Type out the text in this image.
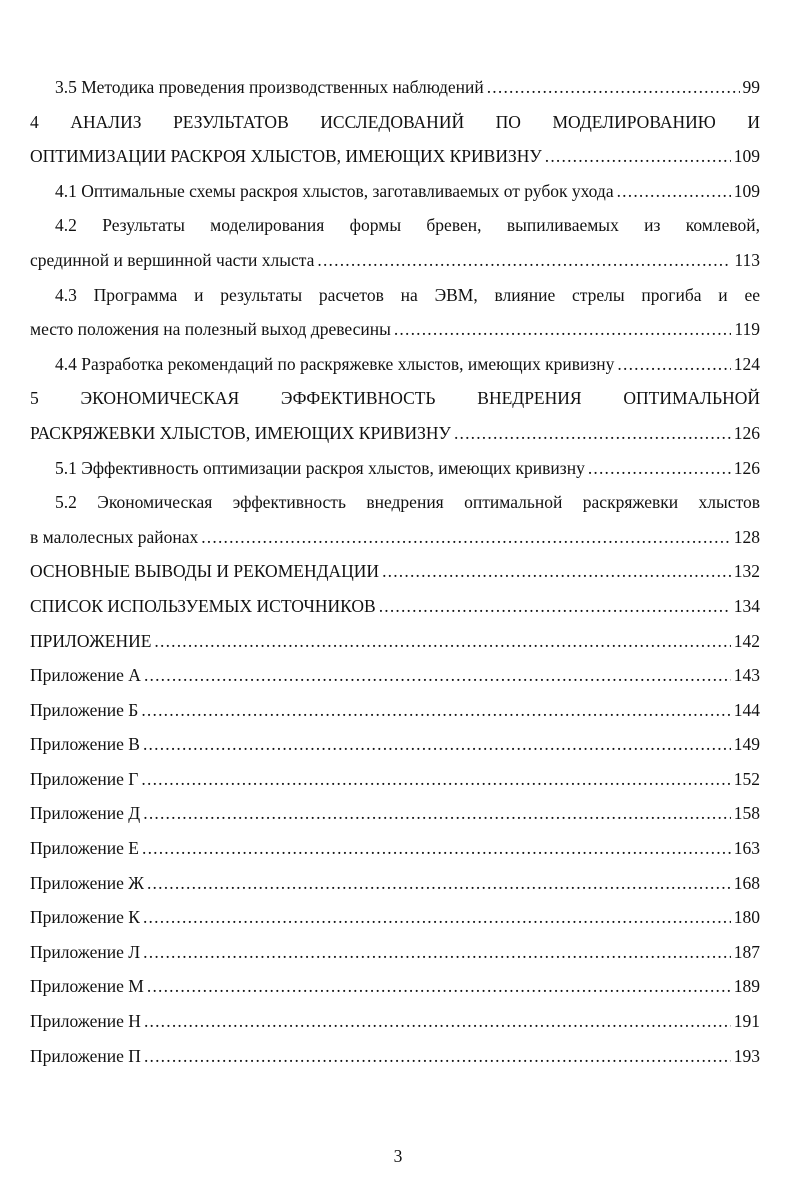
3.5 Методика проведения производственных наблюдений .....	99
4 АНАЛИЗ РЕЗУЛЬТАТОВ ИССЛЕДОВАНИЙ ПО МОДЕЛИРОВАНИЮ И
ОПТИМИЗАЦИИ РАСКРОЯ ХЛЫСТОВ, ИМЕЮЩИХ КРИВИЗНУ .....	109
4.1 Оптимальные схемы раскроя хлыстов, заготавливаемых от рубок ухода .....	109
4.2 Результаты моделирования формы бревен, выпиливаемых из комлевой,
срединной и вершинной части хлыста .....	113
4.3 Программа и результаты расчетов на ЭВМ, влияние стрелы прогиба и ее
место положения на полезный выход древесины .....	119
4.4 Разработка рекомендаций по раскряжевке хлыстов, имеющих кривизну .....	124
5 ЭКОНОМИЧЕСКАЯ ЭФФЕКТИВНОСТЬ ВНЕДРЕНИЯ ОПТИМАЛЬНОЙ
РАСКРЯЖЕВКИ ХЛЫСТОВ, ИМЕЮЩИХ КРИВИЗНУ .....	126
5.1 Эффективность оптимизации раскроя хлыстов, имеющих кривизну .....	126
5.2 Экономическая эффективность внедрения оптимальной раскряжевки хлыстов
в малолесных районах .....	128
ОСНОВНЫЕ ВЫВОДЫ И РЕКОМЕНДАЦИИ .....	132
СПИСОК ИСПОЛЬЗУЕМЫХ ИСТОЧНИКОВ .....	134
ПРИЛОЖЕНИЕ .....	142
Приложение А .....	143
Приложение Б .....	144
Приложение В .....	149
Приложение Г .....	152
Приложение Д .....	158
Приложение Е .....	163
Приложение Ж .....	168
Приложение К .....	180
Приложение Л .....	187
Приложение М .....	189
Приложение Н .....	191
Приложение П .....	193
3
